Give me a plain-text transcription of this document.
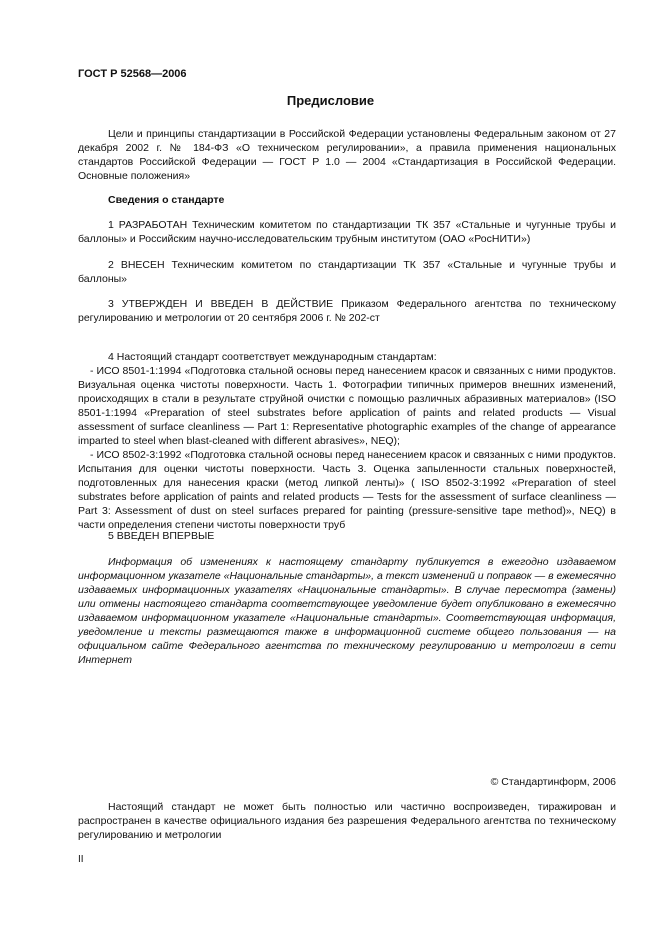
ГОСТ Р 52568—2006
Предисловие

Цели и принципы стандартизации в Российской Федерации установлены Федеральным законом от 27 декабря 2002 г. № 184-ФЗ «О техническом регулировании», а правила применения национальных стандартов Российской Федерации — ГОСТ Р 1.0 — 2004 «Стандартизация в Российской Федерации. Основные положения»

Сведения о стандарте

1 РАЗРАБОТАН Техническим комитетом по стандартизации ТК 357 «Стальные и чугунные трубы и баллоны» и Российским научно-исследовательским трубным институтом (ОАО «РосНИТИ»)

2 ВНЕСЕН Техническим комитетом по стандартизации ТК 357 «Стальные и чугунные трубы и баллоны»

3 УТВЕРЖДЕН И ВВЕДЕН В ДЕЙСТВИЕ Приказом Федерального агентства по техническому регулированию и метрологии от 20 сентября 2006 г. № 202-ст

4 Настоящий стандарт соответствует международным стандартам:
- ИСО 8501-1:1994 «Подготовка стальной основы перед нанесением красок и связанных с ними продуктов. Визуальная оценка чистоты поверхности. Часть 1. Фотографии типичных примеров внешних изменений, происходящих в стали в результате струйной очистки с помощью различных абразивных материалов» (ISO 8501-1:1994 «Preparation of steel substrates before application of paints and related products — Visual assessment of surface cleanliness — Part 1: Representative photographic examples of the change of appearance imparted to steel when blast-cleaned with different abrasives», NEQ);
- ИСО 8502-3:1992 «Подготовка стальной основы перед нанесением красок и связанных с ними продуктов. Испытания для оценки чистоты поверхности. Часть 3. Оценка запыленности стальных поверхностей, подготовленных для нанесения краски (метод липкой ленты)» ( ISO 8502-3:1992 «Preparation of steel substrates before application of paints and related products — Tests for the assessment of surface cleanliness — Part 3: Assessment of dust on steel surfaces prepared for painting (pressure-sensitive tape method)», NEQ) в части определения степени чистоты поверхности труб

5 ВВЕДЕН ВПЕРВЫЕ

Информация об изменениях к настоящему стандарту публикуется в ежегодно издаваемом информационном указателе «Национальные стандарты», а текст изменений и поправок — в ежемесячно издаваемых информационных указателях «Национальные стандарты». В случае пересмотра (замены) или отмены настоящего стандарта соответствующее уведомление будет опубликовано в ежемесячно издаваемом информационном указателе «Национальные стандарты». Соответствующая информация, уведомление и тексты размещаются также в информационной системе общего пользования — на официальном сайте Федерального агентства по техническому регулированию и метрологии в сети Интернет

© Стандартинформ, 2006

Настоящий стандарт не может быть полностью или частично воспроизведен, тиражирован и распространен в качестве официального издания без разрешения Федерального агентства по техническому регулированию и метрологии

II
